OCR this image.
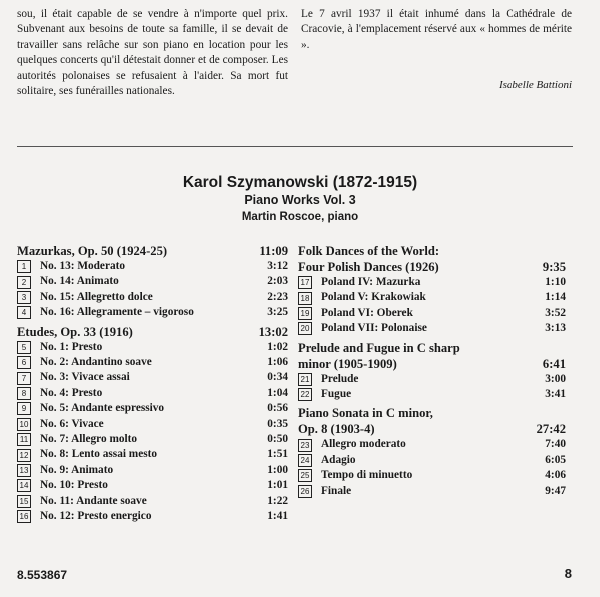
sou, il était capable de se vendre à n'importe quel prix. Subvenant aux besoins de toute sa famille, il se devait de travailler sans relâche sur son piano en location pour les quelques concerts qu'il détestait donner et de composer. Les autorités polonaises se refusaient à l'aider. Sa mort fut solitaire, ses funérailles nationales.
Le 7 avril 1937 il était inhumé dans la Cathédrale de Cracovie, à l'emplacement réservé aux « hommes de mérite ».
Isabelle Battioni
Karol Szymanowski (1872-1915)
Piano Works Vol. 3
Martin Roscoe, piano
Mazurkas, Op. 50 (1924-25)	11:09
1	No. 13: Moderato	3:12
2	No. 14: Animato	2:03
3	No. 15: Allegretto dolce	2:23
4	No. 16: Allegramente – vigoroso	3:25
Etudes, Op. 33 (1916)	13:02
5	No. 1: Presto	1:02
6	No. 2: Andantino soave	1:06
7	No. 3: Vivace assai	0:34
8	No. 4: Presto	1:04
9	No. 5: Andante espressivo	0:56
10 No. 6: Vivace	0:35
11 No. 7: Allegro molto	0:50
12 No. 8: Lento assai mesto	1:51
13 No. 9: Animato	1:00
14 No. 10: Presto	1:01
15 No. 11: Andante soave	1:22
16 No. 12: Presto energico	1:41
Folk Dances of the World:
Four Polish Dances (1926)	9:35
17 Poland IV: Mazurka	1:10
18 Poland V: Krakowiak	1:14
19 Poland VI: Oberek	3:52
20 Poland VII: Polonaise	3:13
Prelude and Fugue in C sharp
minor (1905-1909)	6:41
21 Prelude	3:00
22 Fugue	3:41
Piano Sonata in C minor,
Op. 8 (1903-4)	27:42
23 Allegro moderato	7:40
24 Adagio	6:05
25 Tempo di minuetto	4:06
26 Finale	9:47
8.553867	8
